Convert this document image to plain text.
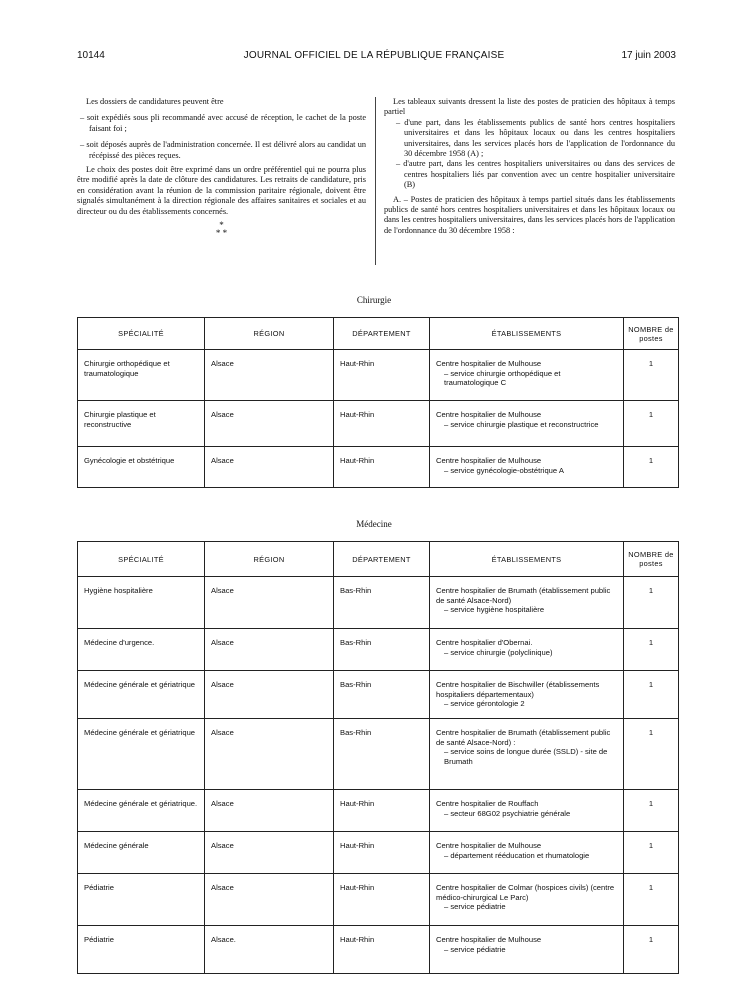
10144	JOURNAL OFFICIEL DE LA RÉPUBLIQUE FRANÇAISE	17 juin 2003

Les dossiers de candidatures peuvent être

– soit expédiés sous pli recommandé avec accusé de réception, le cachet de la poste faisant foi ;

– soit déposés auprès de l'administration concernée. Il est délivré alors au candidat un récépissé des pièces reçues.

Le choix des postes doit être exprimé dans un ordre préférentiel qui ne pourra plus être modifié après la date de clôture des candidatures. Les retraits de candidature, pris en considération avant la réunion de la commission paritaire régionale, doivent être signalés simultanément à la direction régionale des affaires sanitaires et sociales et au directeur ou du des établissements concernés.

*
* *

Les tableaux suivants dressent la liste des postes de praticien des hôpitaux à temps partiel

– d'une part, dans les établissements publics de santé hors centres hospitaliers universitaires et dans les hôpitaux locaux ou dans les centres hospitaliers universitaires, dans les services placés hors de l'application de l'ordonnance du 30 décembre 1958 (A) ;

– d'autre part, dans les centres hospitaliers universitaires ou dans des services de centres hospitaliers liés par convention avec un centre hospitalier universitaire (B)

A. – Postes de praticien des hôpitaux à temps partiel situés dans les établissements publics de santé hors centres hospitaliers universitaires et dans les hôpitaux locaux ou dans les centres hospitaliers universitaires, dans les services placés hors de l'application de l'ordonnance du 30 décembre 1958 :

Chirurgie
SPÉCIALITÉ	RÉGION	DÉPARTEMENT	ÉTABLISSEMENTS	NOMBRE de postes
Chirurgie orthopédique et traumatologique	Alsace	Haut-Rhin	Centre hospitalier de Mulhouse
– service chirurgie orthopédique et traumatologique C	1
Chirurgie plastique et reconstructive	Alsace	Haut-Rhin	Centre hospitalier de Mulhouse
– service chirurgie plastique et reconstructrice	1
Gynécologie et obstétrique	Alsace	Haut-Rhin	Centre hospitalier de Mulhouse
– service gynécologie-obstétrique A	1
Médecine
SPÉCIALITÉ	RÉGION	DÉPARTEMENT	ÉTABLISSEMENTS	NOMBRE de postes
Hygiène hospitalière	Alsace	Bas-Rhin	Centre hospitalier de Brumath (établissement public de santé Alsace-Nord)
– service hygiène hospitalière	1
Médecine d'urgence.	Alsace	Bas-Rhin	Centre hospitalier d'Obernai.
– service chirurgie (polyclinique)	1
Médecine générale et gériatrique	Alsace	Bas-Rhin	Centre hospitalier de Bischwiller (établissements hospitaliers départementaux)
– service gérontologie 2	1
Médecine générale et gériatrique	Alsace	Bas-Rhin	Centre hospitalier de Brumath (établissement public de santé Alsace-Nord) :
– service soins de longue durée (SSLD) - site de Brumath	1
Médecine générale et gériatrique.	Alsace	Haut-Rhin	Centre hospitalier de Rouffach
– secteur 68G02 psychiatrie générale	1
Médecine générale	Alsace	Haut-Rhin	Centre hospitalier de Mulhouse
– département rééducation et rhumatologie	1
Pédiatrie	Alsace	Haut-Rhin	Centre hospitalier de Colmar (hospices civils) (centre médico-chirurgical Le Parc)
– service pédiatrie	1
Pédiatrie	Alsace.	Haut-Rhin	Centre hospitalier de Mulhouse
– service pédiatrie	1
